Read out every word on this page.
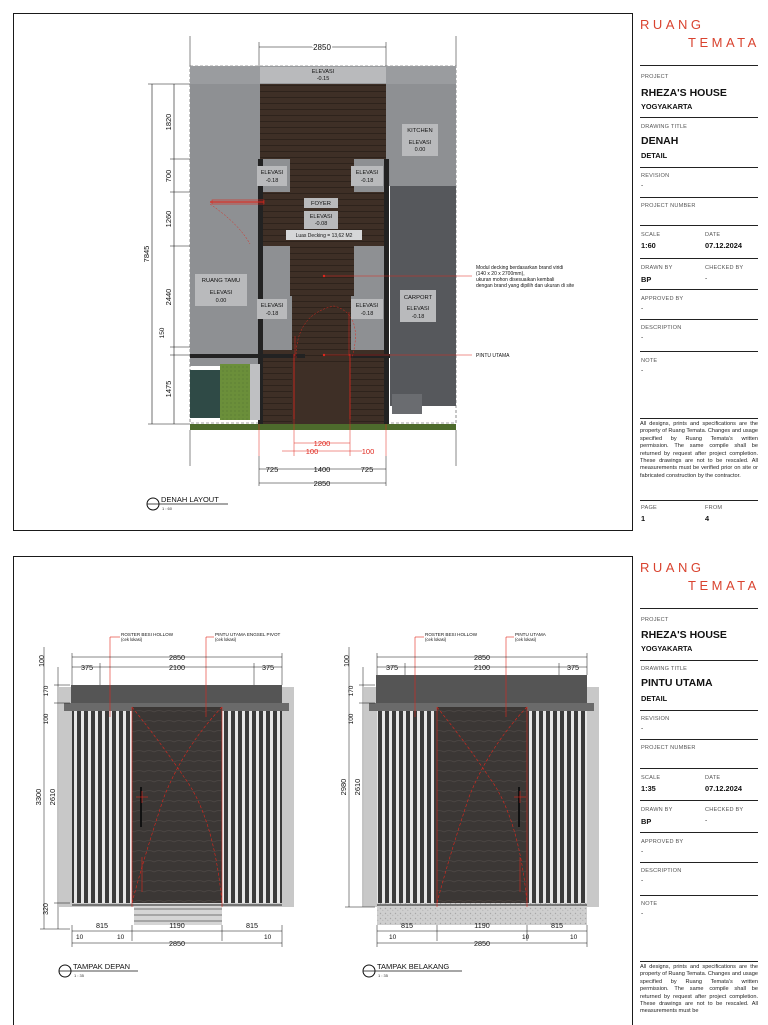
ELEVASI
-0.15
KITCHEN
ELEVASI
0.00
ELEVASI
-0.18
ELEVASI
-0.18
FOYER
ELEVASI
-0.08
Luas Decking = 13,62 M2
RUANG TAMU
ELEVASI
0.00
ELEVASI
-0.18
ELEVASI
-0.18
CARPORT
ELEVASI
-0.18
Modul decking berdasarkan brand viridi
(140 x 20 x 2700mm),
ukuran mohon disesuaikan kembali
dengan brand yang dipilih dan ukuran di site
PINTU UTAMA
2850
1820
700
1260
2440
150
1475
7845
1200
100	100
725	1400	725
2850
DENAH LAYOUT
1 : 60
RUANG
TEMATA
PROJECT
RHEZA'S HOUSE
YOGYAKARTA
DRAWING TITLE
DENAH
DETAIL
REVISION
-
PROJECT NUMBER
SCALE	DATE
1:60	07.12.2024
DRAWN BY	CHECKED BY
BP	-
APPROVED BY
-
DESCRIPTION
-
NOTE
-
All designs, prints and specifications are the property of Ruang Temata. Changes and usage specified by Ruang Temata's written permission. The same compile shall be returned by request after project completion. These drawings are not to be rescaled. All measurements must be verified prior on site or fabricated construction by the contractor.
PAGE	FROM
1	4
ROSTER BESI HOLLOW
(cek lokasi)
PINTU UTAMA ENGSEL PIVOT
(cek lokasi)
2850
375	2100	375
100
170
100
3300 2610
320
815	1190	815
10	10	10
2850
TAMPAK DEPAN
1 : 35
ROSTER BESI HOLLOW
(cek lokasi)
PINTU UTAMA
(cek lokasi)
2850
375	2100	375
100
170
100
2980 2610
815	1190	815
10	10	10
2850
TAMPAK BELAKANG
1 : 35
RUANG
TEMATA
PROJECT
RHEZA'S HOUSE
YOGYAKARTA
DRAWING TITLE
PINTU UTAMA
DETAIL
REVISION
-
PROJECT NUMBER
SCALE	DATE
1:35	07.12.2024
DRAWN BY	CHECKED BY
BP	-
APPROVED BY
-
DESCRIPTION
-
NOTE
-
All designs, prints and specifications are the property of Ruang Temata. Changes and usage specified by Ruang Temata's written permission. The same compile shall be returned by request after project completion. These drawings are not to be rescaled. All measurements must be
